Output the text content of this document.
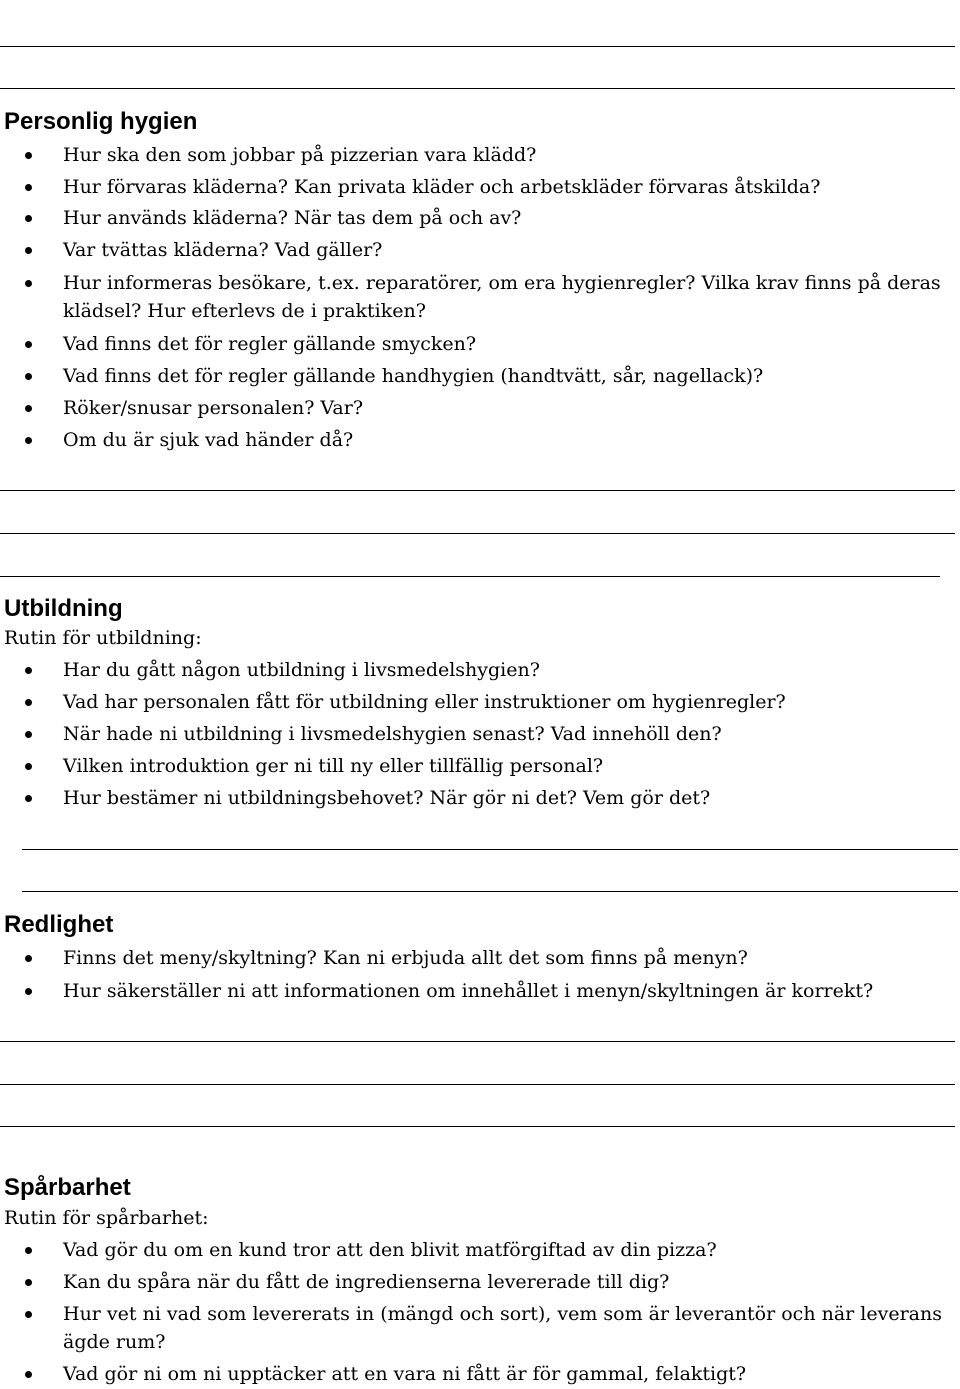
Personlig hygien
Hur ska den som jobbar på pizzerian vara klädd?
Hur förvaras kläderna? Kan privata kläder och arbetskläder förvaras åtskilda?
Hur används kläderna? När tas dem på och av?
Var tvättas kläderna? Vad gäller?
Hur informeras besökare, t.ex. reparatörer, om era hygienregler? Vilka krav finns på deras klädsel? Hur efterlevs de i praktiken?
Vad finns det för regler gällande smycken?
Vad finns det för regler gällande handhygien (handtvätt, sår, nagellack)?
Röker/snusar personalen? Var?
Om du är sjuk vad händer då?
Utbildning

Rutin för utbildning:

Har du gått någon utbildning i livsmedelshygien?
Vad har personalen fått för utbildning eller instruktioner om hygienregler?
När hade ni utbildning i livsmedelshygien senast? Vad innehöll den?
Vilken introduktion ger ni till ny eller tillfällig personal?
Hur bestämer ni utbildningsbehovet? När gör ni det? Vem gör det?
Redlighet
Finns det meny/skyltning? Kan ni erbjuda allt det som finns på menyn?
Hur säkerställer ni att informationen om innehållet i menyn/skyltningen är korrekt?
Spårbarhet

Rutin för spårbarhet:

Vad gör du om en kund tror att den blivit matförgiftad av din pizza?
Kan du spåra när du fått de ingredienserna levererade till dig?
Hur vet ni vad som levererats in (mängd och sort), vem som är leverantör och när leverans ägde rum?
Vad gör ni om ni upptäcker att en vara ni fått är för gammal, felaktigt?
